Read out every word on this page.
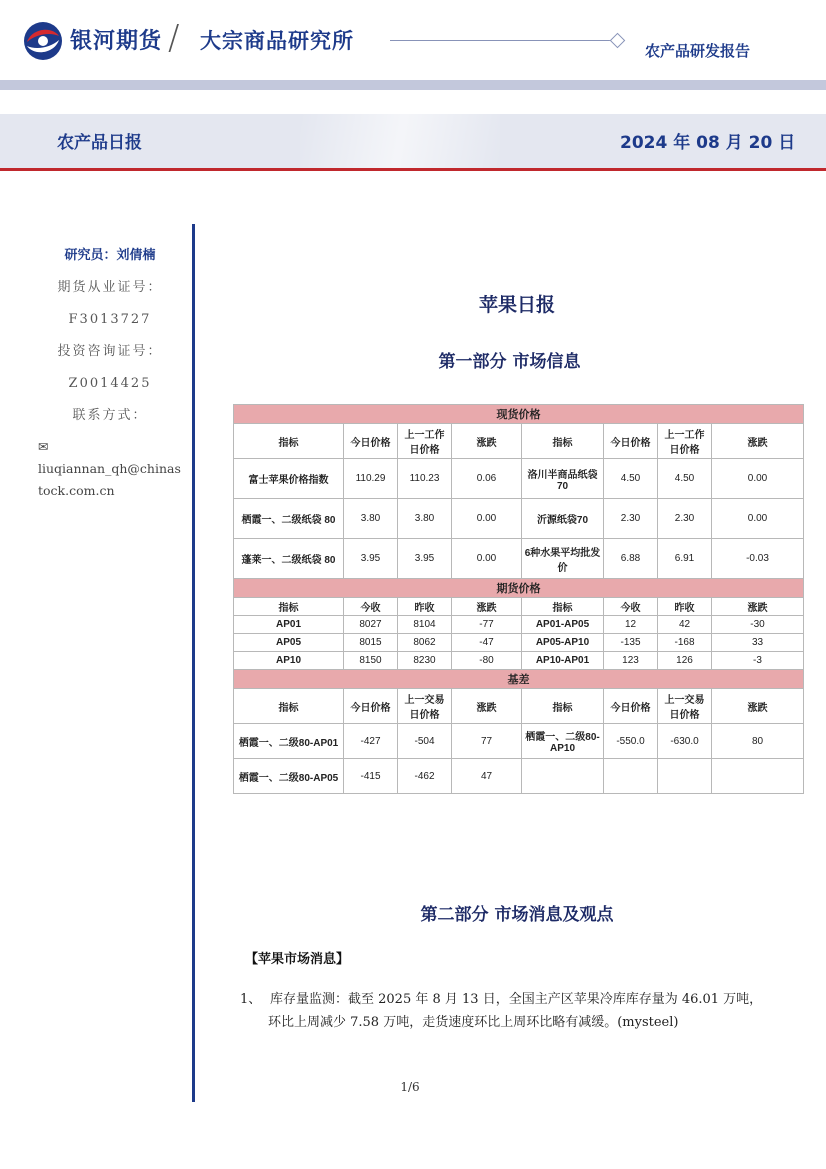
银河期货 / 大宗商品研究所	农产品研发报告
农产品日报	2024 年 08 月 20 日
研究员：刘倩楠
期货从业证号：
F3013727
投资咨询证号：
Z0014425
联系方式：
✉liuqiannan_qh@chinas
tock.com.cn
苹果日报
第一部分 市场信息
现货价格							
指标	今日价格	上一工作日价格	涨跌	指标	今日价格	上一工作日价格	涨跌
富士苹果价格指数	110.29	110.23	0.06	洛川半商品纸袋70	4.50	4.50	0.00
栖霞一、二级纸袋 80	3.80	3.80	0.00	沂源纸袋70	2.30	2.30	0.00
蓬莱一、二级纸袋 80	3.95	3.95	0.00	6种水果平均批发价	6.88	6.91	-0.03
期货价格							
指标	今收	昨收	涨跌	指标	今收	昨收	涨跌
AP01	8027	8104	-77	AP01-AP05	12	42	-30
AP05	8015	8062	-47	AP05-AP10	-135	-168	33
AP10	8150	8230	-80	AP10-AP01	123	126	-3
基差							
指标	今日价格	上一交易日价格	涨跌	指标	今日价格	上一交易日价格	涨跌
栖霞一、二级80-AP01	-427	-504	77	栖霞一、二级80-AP10	-550.0	-630.0	80
栖霞一、二级80-AP05	-415	-462	47				
第二部分 市场消息及观点
【苹果市场消息】
1、 库存量监测：截至 2025 年 8 月 13 日，全国主产区苹果冷库库存量为 46.01 万吨，
环比上周减少 7.58 万吨，走货速度环比上周环比略有减缓。(mysteel)
1/6
